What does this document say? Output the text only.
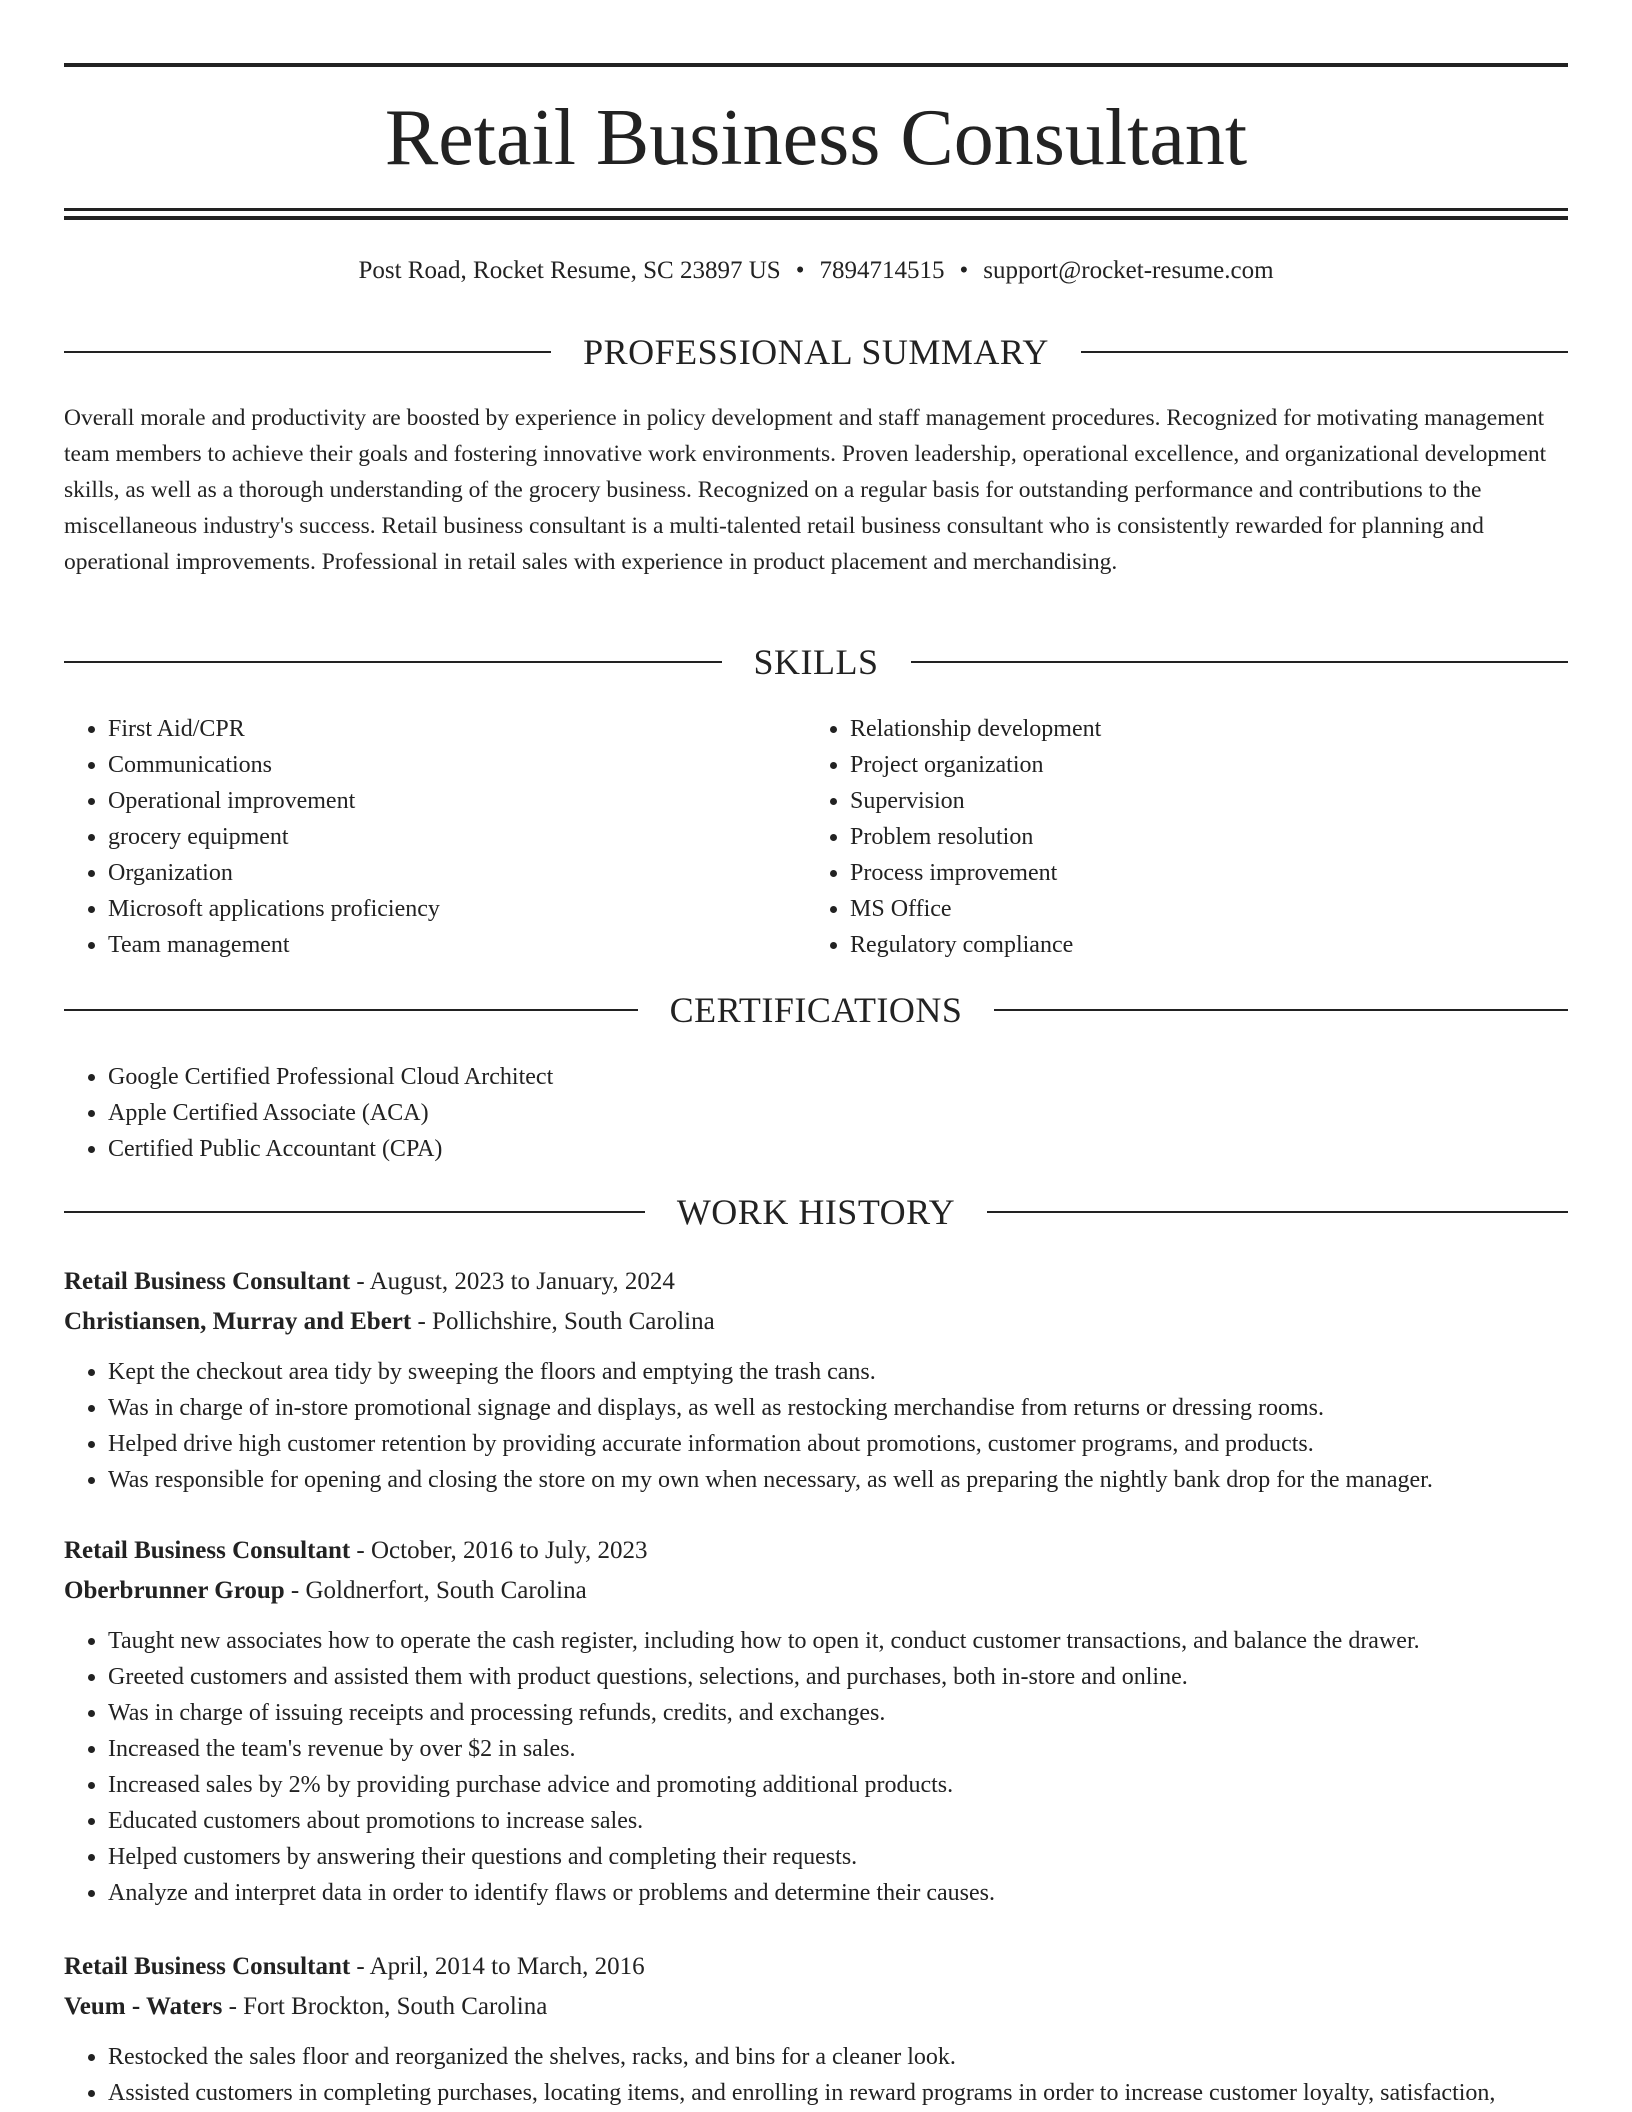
Retail Business Consultant
Post Road, Rocket Resume, SC 23897 US • 7894714515 • support@rocket-resume.com
PROFESSIONAL SUMMARY

Overall morale and productivity are boosted by experience in policy development and staff management procedures. Recognized for motivating management team members to achieve their goals and fostering innovative work environments. Proven leadership, operational excellence, and organizational development skills, as well as a thorough understanding of the grocery business. Recognized on a regular basis for outstanding performance and contributions to the miscellaneous industry's success. Retail business consultant is a multi-talented retail business consultant who is consistently rewarded for planning and operational improvements. Professional in retail sales with experience in product placement and merchandising.

SKILLS
• First Aid/CPR
• Communications
• Operational improvement
• grocery equipment
• Organization
• Microsoft applications proficiency
• Team management
• Relationship development
• Project organization
• Supervision
• Problem resolution
• Process improvement
• MS Office
• Regulatory compliance
CERTIFICATIONS
• Google Certified Professional Cloud Architect
• Apple Certified Associate (ACA)
• Certified Public Accountant (CPA)
WORK HISTORY
Retail Business Consultant - August, 2023 to January, 2024
Christiansen, Murray and Ebert - Pollichshire, South Carolina
• Kept the checkout area tidy by sweeping the floors and emptying the trash cans.
• Was in charge of in-store promotional signage and displays, as well as restocking merchandise from returns or dressing rooms.
• Helped drive high customer retention by providing accurate information about promotions, customer programs, and products.
• Was responsible for opening and closing the store on my own when necessary, as well as preparing the nightly bank drop for the manager.
Retail Business Consultant - October, 2016 to July, 2023
Oberbrunner Group - Goldnerfort, South Carolina
• Taught new associates how to operate the cash register, including how to open it, conduct customer transactions, and balance the drawer.
• Greeted customers and assisted them with product questions, selections, and purchases, both in-store and online.
• Was in charge of issuing receipts and processing refunds, credits, and exchanges.
• Increased the team's revenue by over $2 in sales.
• Increased sales by 2% by providing purchase advice and promoting additional products.
• Educated customers about promotions to increase sales.
• Helped customers by answering their questions and completing their requests.
• Analyze and interpret data in order to identify flaws or problems and determine their causes.
Retail Business Consultant - April, 2014 to March, 2016
Veum - Waters - Fort Brockton, South Carolina
• Restocked the sales floor and reorganized the shelves, racks, and bins for a cleaner look.
• Assisted customers in completing purchases, locating items, and enrolling in reward programs in order to increase customer loyalty, satisfaction,
